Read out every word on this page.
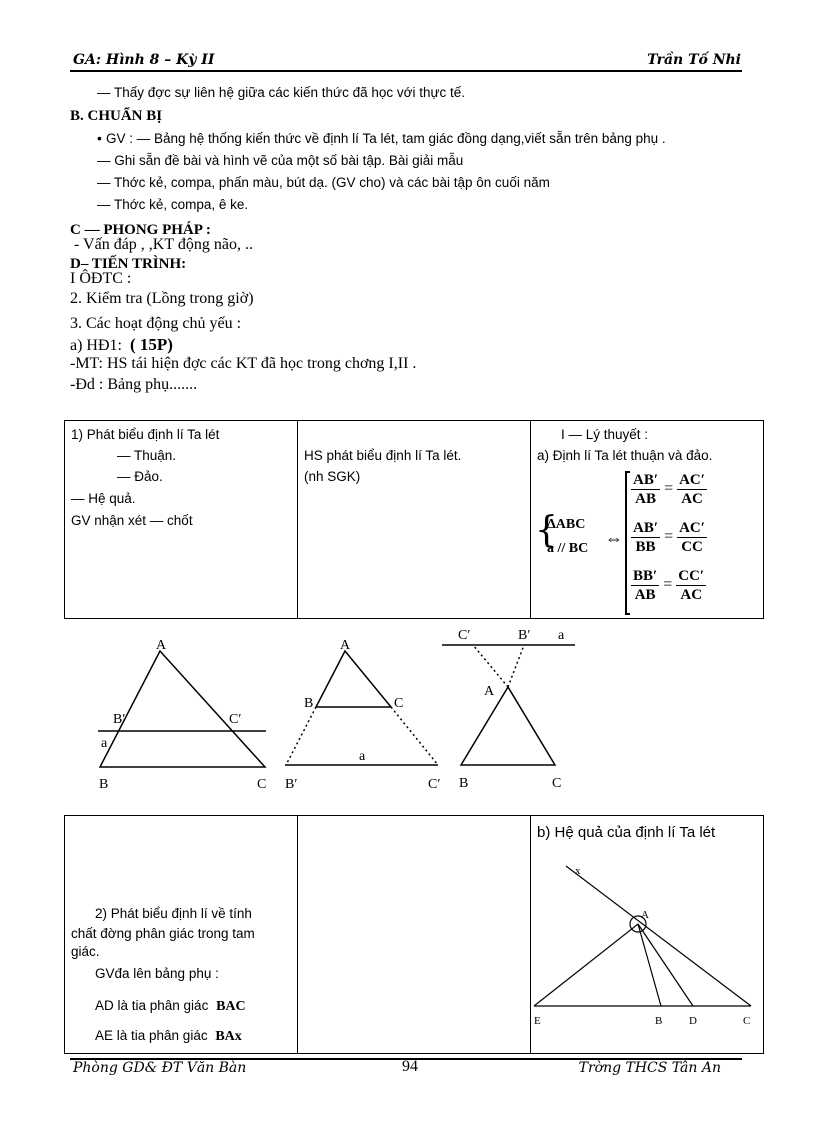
GA: Hình 8 – Kỳ II	Trần Tố Nhi
— Thấy đợc sự liên hệ giữa các kiến thức đã học với thực tế.
B. CHUẨN BỊ
• GV : — Bảng hệ thống kiến thức về định lí Ta lét, tam giác đồng dạng,viết sẵn trên bảng phụ .
— Ghi sẵn đề bài và hình vẽ của một số bài tập. Bài giải mẫu
— Thớc kẻ, compa, phấn màu, bút dạ. (GV cho) và các bài tập ôn cuối năm
— Thớc kẻ, compa, ê ke.
C — PHONG PHÁP :
- Vấn đáp , ,KT động não, ..
D– TIẾN TRÌNH:
I ÔĐTC :
2. Kiểm tra (Lồng trong giờ)
3. Các hoạt động chủ yếu :
a) HĐ1: ( 15P)
-MT: HS tái hiện đợc các KT đã học trong chơng I,II .
-Đd : Bảng phụ.......
1) Phát biểu định lí Ta lét
— Thuận.
— Đảo.
— Hệ quả.
GV nhận xét — chốt

HS phát biểu định lí Ta lét.
(nh SGK)

I — Lý thuyết :
a) Định lí Ta lét thuận và đảo.
{
ΔABC
a // BC
⇔
$\frac{AB'}{AB} = \frac{AC'}{AC}$
$\frac{AB'}{BB} = \frac{AC'}{CC}$
$\frac{BB'}{AB} = \frac{CC'}{AC}$
A
B′	C′
a
B	C
A
B	C
a
B′	C′
C′	B′ a
A
B	C
2) Phát biểu định lí về tính
chất đờng phân giác trong tam
giác.
GVđa lên bảng phụ :
AD là tia phân giác BAC
AE là tia phân giác BAx

b) Hệ quả của định lí Ta lét
x
A
E	B D	C
Phòng GD& ĐT Văn Bàn	94	Trờng THCS Tân An
